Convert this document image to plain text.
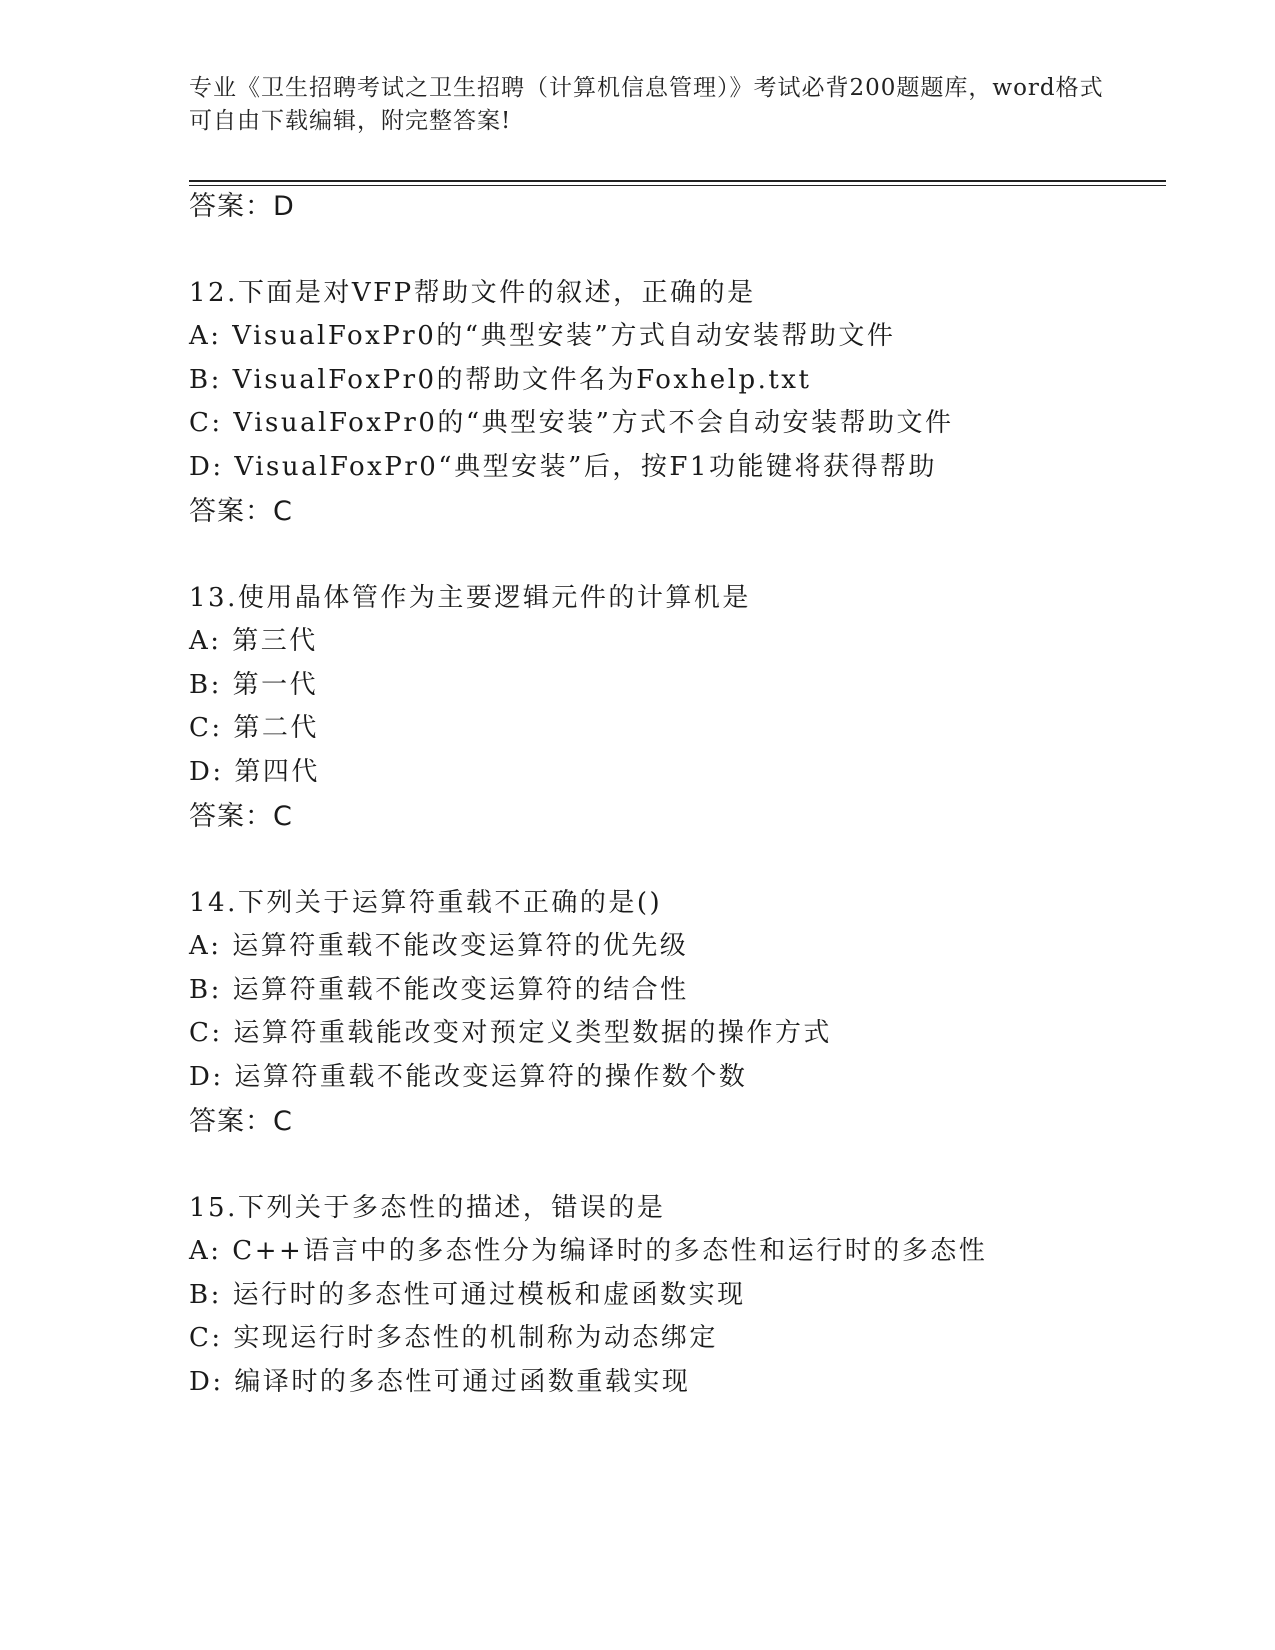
专业《卫生招聘考试之卫生招聘（计算机信息管理）》考试必背200题题库，word格式可自由下载编辑，附完整答案!
答案：D
12.下面是对VFP帮助文件的叙述，正确的是
A: VisualFoxPr0的“典型安装”方式自动安装帮助文件
B: VisualFoxPr0的帮助文件名为Foxhelp.txt
C: VisualFoxPr0的“典型安装”方式不会自动安装帮助文件
D: VisualFoxPr0“典型安装”后，按F1功能键将获得帮助
答案：C
13.使用晶体管作为主要逻辑元件的计算机是
A: 第三代
B: 第一代
C: 第二代
D: 第四代
答案：C
14.下列关于运算符重载不正确的是()
A: 运算符重载不能改变运算符的优先级
B: 运算符重载不能改变运算符的结合性
C: 运算符重载能改变对预定义类型数据的操作方式
D: 运算符重载不能改变运算符的操作数个数
答案：C
15.下列关于多态性的描述，错误的是
A: C++语言中的多态性分为编译时的多态性和运行时的多态性
B: 运行时的多态性可通过模板和虚函数实现
C: 实现运行时多态性的机制称为动态绑定
D: 编译时的多态性可通过函数重载实现
